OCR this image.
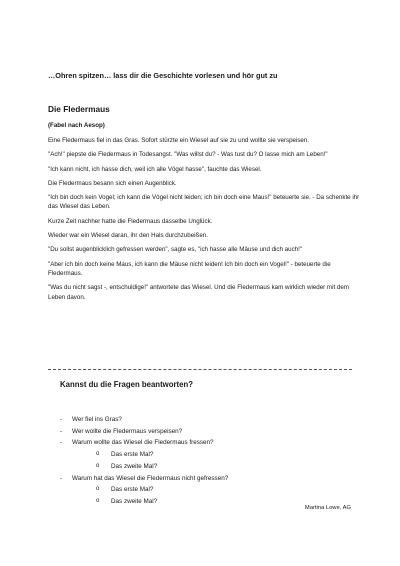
…Ohren spitzen… lass dir die Geschichte vorlesen und hör gut zu
Die Fledermaus
(Fabel nach Aesop)

Eine Fledermaus fiel in das Gras. Sofort stürzte ein Wiesel auf sie zu und wollte sie verspeisen.

"Ach!" piepste die Fledermaus in Todesangst. "Was willst du? - Was tust du? O lasse mich am Leben!"

"Ich kann nicht, ich hasse dich, weil ich alle Vögel hasse", fauchte das Wiesel.

Die Fledermaus besann sich einen Augenblick.

"Ich bin doch kein Vogel; ich kann die Vögel nicht leiden; ich bin doch eine Maus!" beteuerte sie. - Da schenkte ihr das Wiesel das Leben.

Kurze Zeit nachher hatte die Fledermaus dasselbe Unglück.

Wieder war ein Wiesel daran, ihr den Hals durchzubeißen.

"Du sollst augenblicklich gefressen werden", sagte es, "ich hasse alle Mäuse und dich auch!"

"Aber ich bin doch keine Maus, ich kann die Mäuse nicht leiden! Ich bin doch ein Vogel!" - beteuerte die Fledermaus.

"Was du nicht sagst -, entschuldige!" antwortete das Wiesel. Und die Fledermaus kam wirklich wieder mit dem Leben davon.

Kannst du die Fragen beantworten?
- Wer fiel ins Gras?
- Wer wollte die Fledermaus verspeisen?
- Warum wollte das Wiesel die Fledermaus fressen?
o Das erste Mal?
o Das zweite Mal?
- Warum hat das Wiesel die Fledermaus nicht gefressen?
o Das erste Mal?
o Das zweite Mal?
Martina Lowe, AG
